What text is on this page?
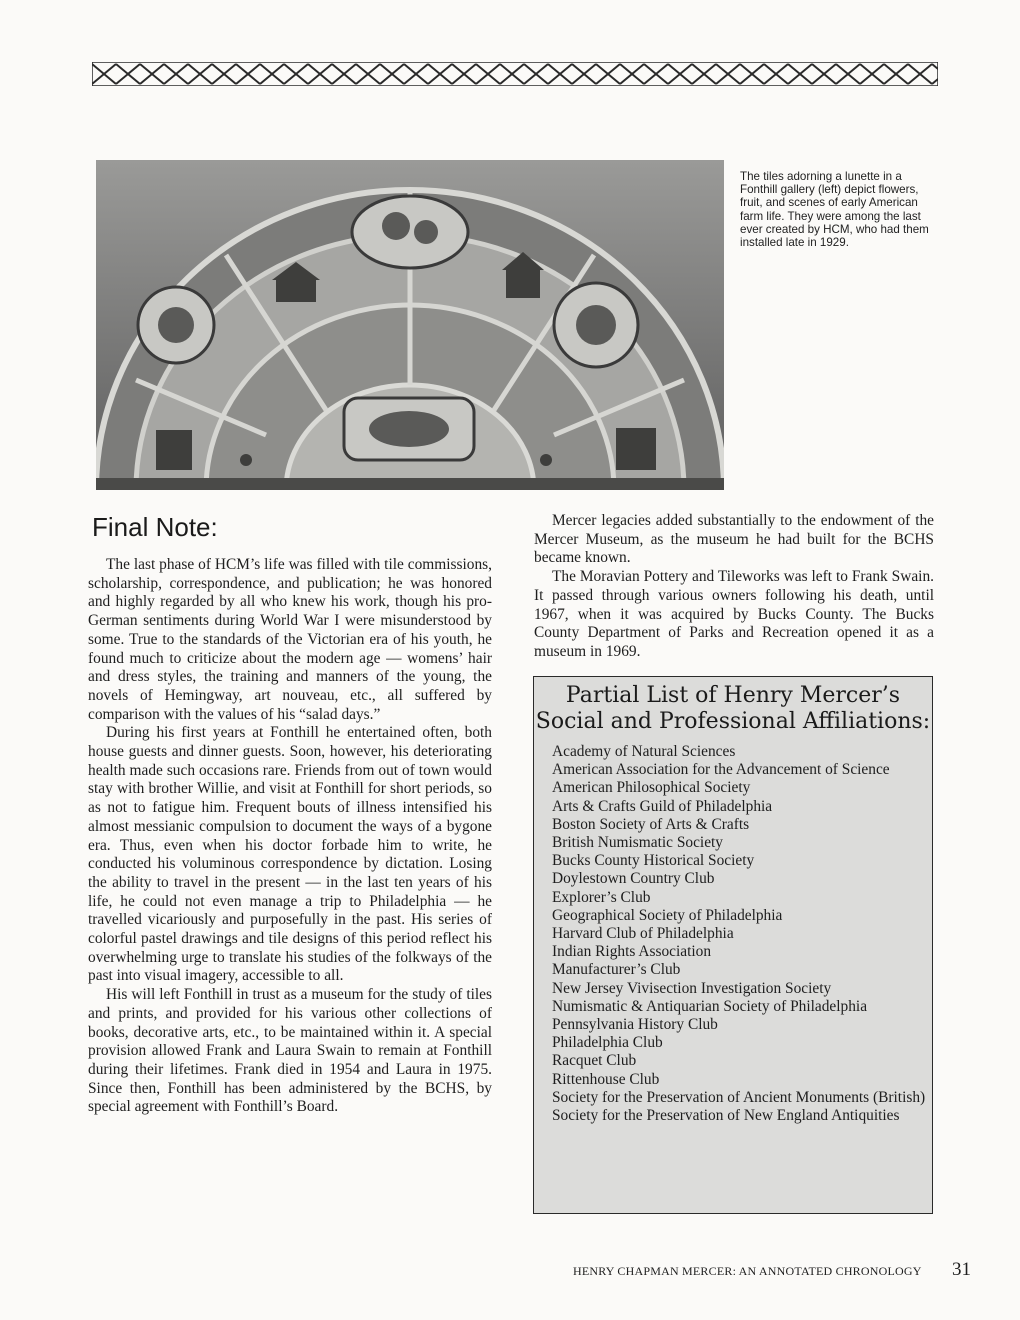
The tiles adorning a lunette in a Fonthill gallery (left) depict flowers, fruit, and scenes of early American farm life. They were among the last ever created by HCM, who had them installed late in 1929.
Final Note:

The last phase of HCM’s life was filled with tile commissions, scholarship, correspondence, and publication; he was honored and highly regarded by all who knew his work, though his pro-German sentiments during World War I were misunderstood by some. True to the standards of the Victorian era of his youth, he found much to criticize about the modern age — womens’ hair and dress styles, the training and manners of the young, the novels of Hemingway, art nouveau, etc., all suffered by comparison with the values of his “salad days.”

During his first years at Fonthill he entertained often, both house guests and dinner guests. Soon, however, his deteriorating health made such occasions rare. Friends from out of town would stay with brother Willie, and visit at Fonthill for short periods, so as not to fatigue him. Frequent bouts of illness intensified his almost messianic compulsion to document the ways of a bygone era. Thus, even when his doctor forbade him to write, he conducted his voluminous correspondence by dictation. Losing the ability to travel in the present — in the last ten years of his life, he could not even manage a trip to Philadelphia — he travelled vicariously and purposefully in the past. His series of colorful pastel drawings and tile designs of this period reflect his overwhelming urge to translate his studies of the folkways of the past into visual imagery, accessible to all.

His will left Fonthill in trust as a museum for the study of tiles and prints, and provided for his various other collections of books, decorative arts, etc., to be maintained within it. A special provision allowed Frank and Laura Swain to remain at Fonthill during their lifetimes. Frank died in 1954 and Laura in 1975. Since then, Fonthill has been administered by the BCHS, by special agreement with Fonthill’s Board.

Mercer legacies added substantially to the endowment of the Mercer Museum, as the museum he had built for the BCHS became known.

The Moravian Pottery and Tileworks was left to Frank Swain. It passed through various owners following his death, until 1967, when it was acquired by Bucks County. The Bucks County Department of Parks and Recreation opened it as a museum in 1969.

Partial List of Henry Mercer’s
Social and Professional Affiliations:
Academy of Natural Sciences
American Association for the Advancement of Science
American Philosophical Society
Arts & Crafts Guild of Philadelphia
Boston Society of Arts & Crafts
British Numismatic Society
Bucks County Historical Society
Doylestown Country Club
Explorer’s Club
Geographical Society of Philadelphia
Harvard Club of Philadelphia
Indian Rights Association
Manufacturer’s Club
New Jersey Vivisection Investigation Society
Numismatic & Antiquarian Society of Philadelphia
Pennsylvania History Club
Philadelphia Club
Racquet Club
Rittenhouse Club
Society for the Preservation of Ancient Monuments (British)
Society for the Preservation of New England Antiquities
HENRY CHAPMAN MERCER: AN ANNOTATED CHRONOLOGY 31
